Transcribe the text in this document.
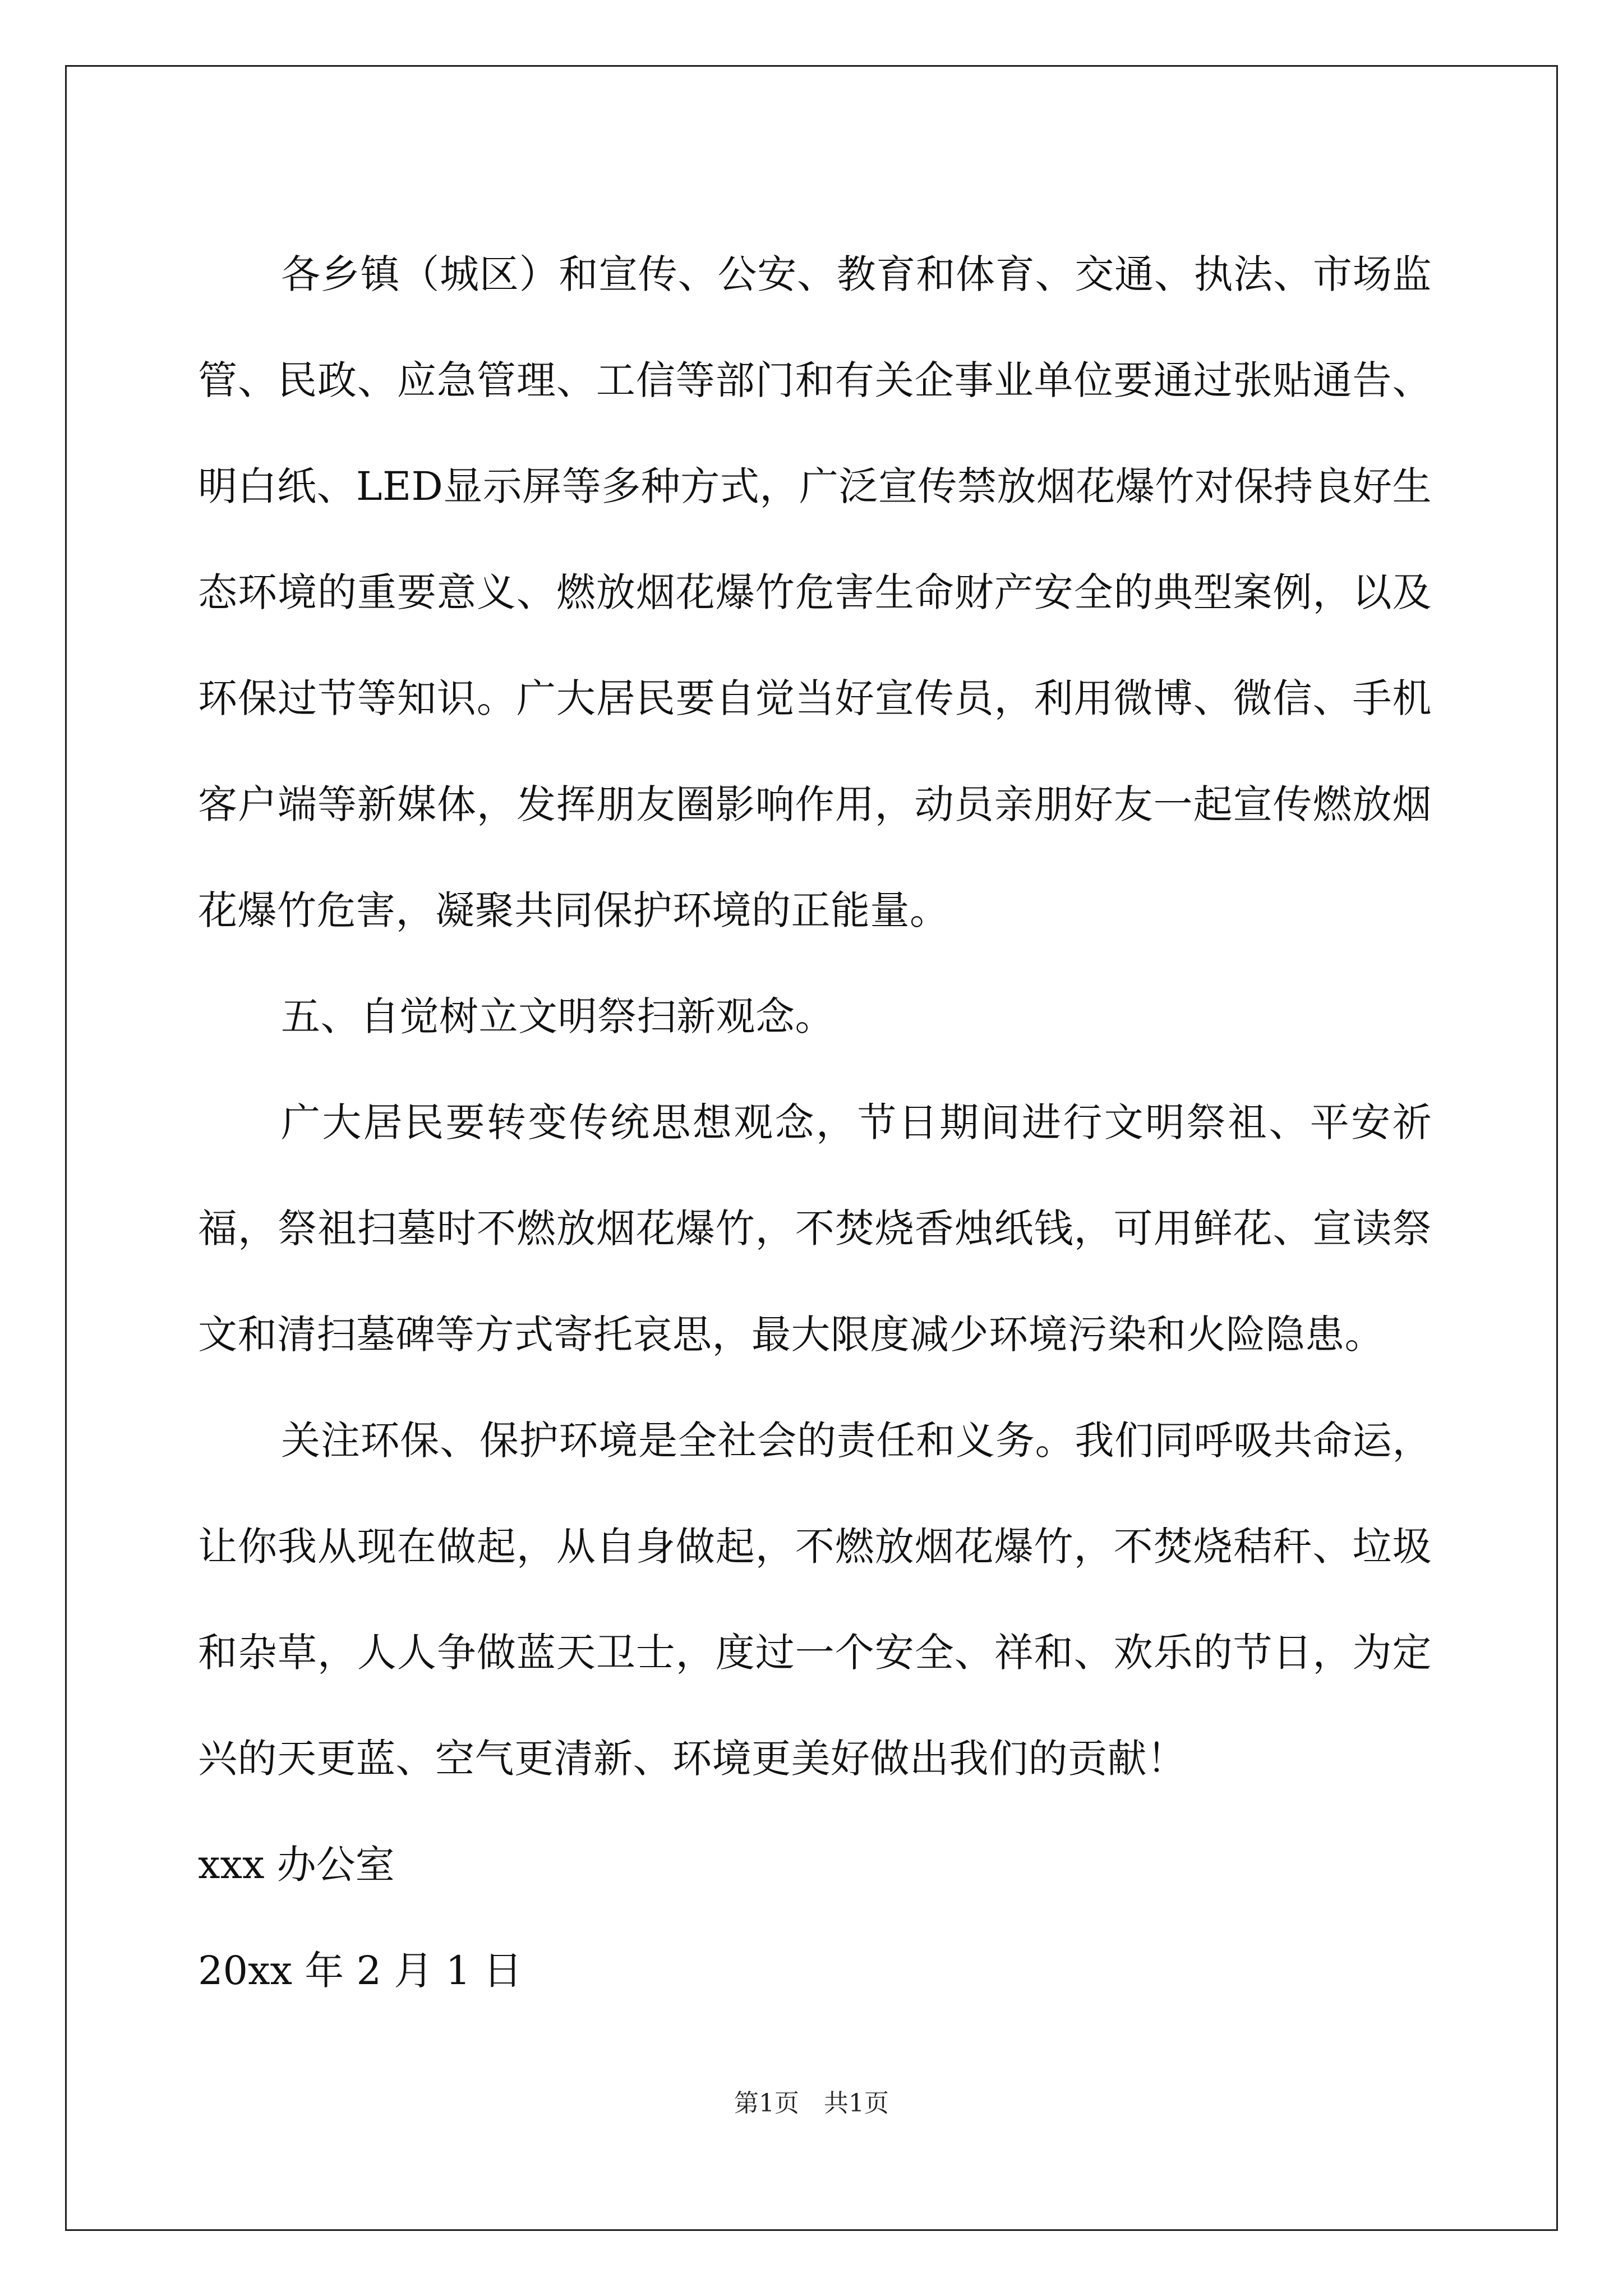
各乡镇（城区）和宣传、公安、教育和体育、交通、执法、市场监管、民政、应急管理、工信等部门和有关企事业单位要通过张贴通告、明白纸、LED显示屏等多种方式，广泛宣传禁放烟花爆竹对保持良好生态环境的重要意义、燃放烟花爆竹危害生命财产安全的典型案例，以及环保过节等知识。广大居民要自觉当好宣传员，利用微博、微信、手机客户端等新媒体，发挥朋友圈影响作用，动员亲朋好友一起宣传燃放烟花爆竹危害，凝聚共同保护环境的正能量。

五、自觉树立文明祭扫新观念。

广大居民要转变传统思想观念，节日期间进行文明祭祖、平安祈福，祭祖扫墓时不燃放烟花爆竹，不焚烧香烛纸钱，可用鲜花、宣读祭文和清扫墓碑等方式寄托哀思，最大限度减少环境污染和火险隐患。

关注环保、保护环境是全社会的责任和义务。我们同呼吸共命运，让你我从现在做起，从自身做起，不燃放烟花爆竹，不焚烧秸秆、垃圾和杂草，人人争做蓝天卫士，度过一个安全、祥和、欢乐的节日，为定兴的天更蓝、空气更清新、环境更美好做出我们的贡献！

xxx 办公室

20xx 年 2 月 1 日

第1页　共1页
